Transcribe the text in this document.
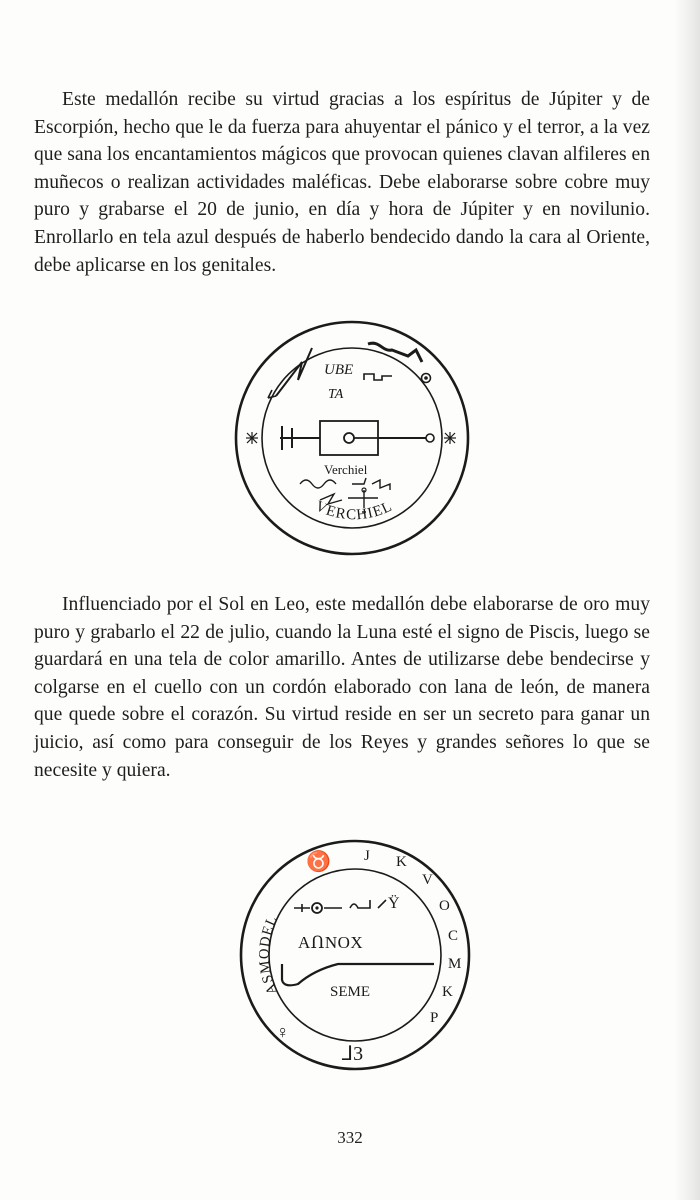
Este medallón recibe su virtud gracias a los espíritus de Júpiter y de Escorpión, hecho que le da fuerza para ahuyentar el pánico y el terror, a la vez que sana los encantamientos mágicos que provocan quienes clavan alfileres en muñecos o realizan actividades maléficas. Debe elaborarse sobre cobre muy puro y grabarse el 20 de junio, en día y hora de Júpiter y en novilunio. Enrollarlo en tela azul después de haberlo bendecido dando la cara al Oriente, debe aplicarse en los genitales.

UBE
TA
Verchiel
VERCHIEL

Influenciado por el Sol en Leo, este medallón debe elaborarse de oro muy puro y grabarlo el 22 de julio, cuando la Luna esté el signo de Piscis, luego se guardará en una tela de color amarillo. Antes de utilizarse debe bendecirse y colgarse en el cuello con un cordón elaborado con lana de león, de manera que quede sobre el corazón. Su virtud reside en ser un secreto para ganar un juicio, así como para conseguir de los Reyes y grandes señores lo que se necesite y quiera.

♉ J K
V
O
C
M
K
P
⅃3
♀
ASMODEL
Ÿ
AՈNOX
SEME
332
